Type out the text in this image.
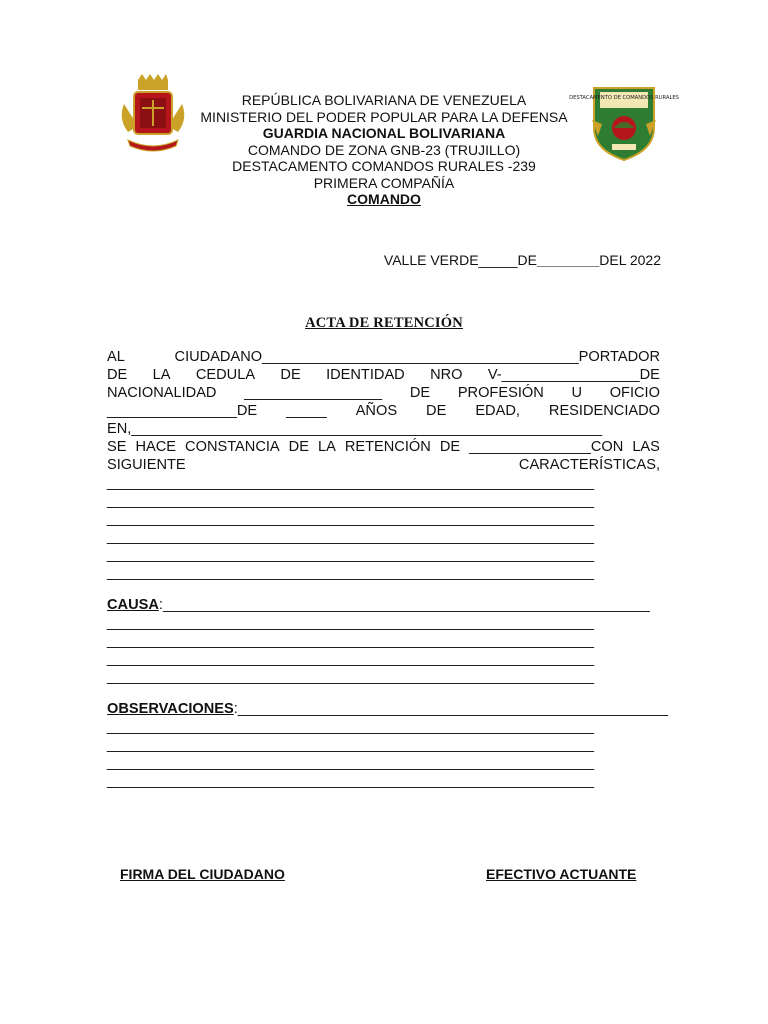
DESTACAMENTO DE COMANDOS RURALES
REPÚBLICA BOLIVARIANA DE VENEZUELA
MINISTERIO DEL PODER POPULAR PARA LA DEFENSA
GUARDIA NACIONAL BOLIVARIANA
COMANDO DE ZONA GNB-23 (TRUJILLO)
DESTACAMENTO COMANDOS RURALES -239
PRIMERA COMPAÑÍA
COMANDO
VALLE VERDE_____DE________DEL 2022
ACTA DE RETENCIÓN
AL	CIUDADANO_______________________________________PORTADOR
DE LA CEDULA DE IDENTIDAD NRO V-_________________DE
NACIONALIDAD _________________ DE PROFESIÓN U OFICIO
________________DE _____ AÑOS DE EDAD, RESIDENCIADO
EN,__________________________________________________________
SE HACE CONSTANCIA DE LA RETENCIÓN DE _______________CON LAS
SIGUIENTE	CARACTERÍSTICAS,
____________________________________________________________
____________________________________________________________
____________________________________________________________
____________________________________________________________
____________________________________________________________
____________________________________________________________
CAUSA:____________________________________________________________
____________________________________________________________
____________________________________________________________
____________________________________________________________
____________________________________________________________
OBSERVACIONES:_____________________________________________________
____________________________________________________________
____________________________________________________________
____________________________________________________________
____________________________________________________________
FIRMA DEL CIUDADANO	EFECTIVO ACTUANTE
